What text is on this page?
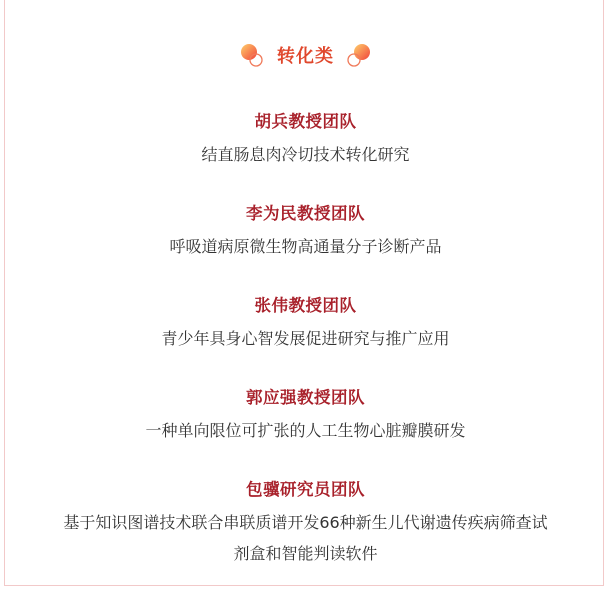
转化类
胡兵教授团队
结直肠息肉冷切技术转化研究
李为民教授团队
呼吸道病原微生物高通量分子诊断产品
张伟教授团队
青少年具身心智发展促进研究与推广应用
郭应强教授团队
一种单向限位可扩张的人工生物心脏瓣膜研发
包骥研究员团队
基于知识图谱技术联合串联质谱开发66种新生儿代谢遗传疾病筛查试
剂盒和智能判读软件
